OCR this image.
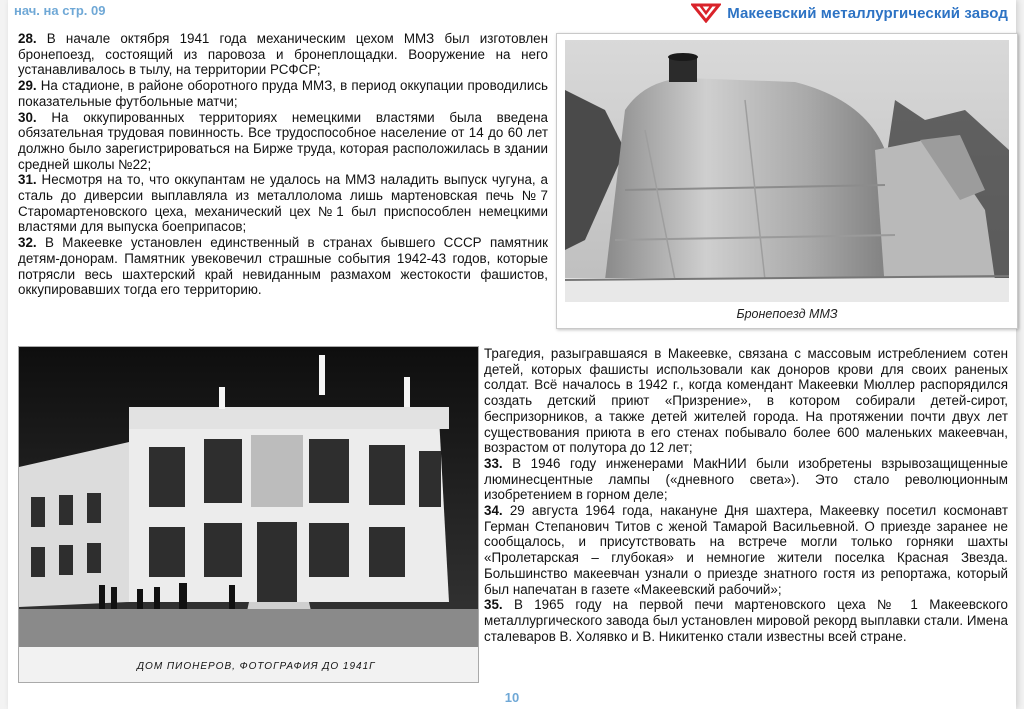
нач. на стр. 09	Макеевский металлургический завод

28. В начале октября 1941 года механическим цехом ММЗ был изготовлен бронепоезд, состоящий из паровоза и бронеплощадки. Вооружение на него устанавливалось в тылу, на территории РСФСР;

29. На стадионе, в районе оборотного пруда ММЗ, в период оккупации проводились показательные футбольные матчи;

30. На оккупированных территориях немецкими властями была введена обязательная трудовая повинность. Все трудоспособное население от 14 до 60 лет должно было зарегистрироваться на Бирже труда, которая расположилась в здании средней школы №22;

31. Несмотря на то, что оккупантам не удалось на ММЗ наладить выпуск чугуна, а сталь до диверсии выплавляла из металлолома лишь мартеновская печь №7 Старомартеновского цеха, механический цех №1 был приспособлен немецкими властями для выпуска боеприпасов;

32. В Макеевке установлен единственный в странах бывшего СССР памятник детям-донорам. Памятник увековечил страшные события 1942-43 годов, которые потрясли весь шахтерский край невиданным размахом жестокости фашистов, оккупировавших тогда его территорию.

Бронепоезд ММЗ
ДОМ ПИОНЕРОВ, ФОТОГРАФИЯ ДО 1941Г

Трагедия, разыгравшаяся в Макеевке, связана с массовым истреблением сотен детей, которых фашисты использовали как доноров крови для своих раненых солдат. Всё началось в 1942 г., когда комендант Макеевки Мюллер распорядился создать детский приют «Призрение», в котором собирали детей-сирот, беспризорников, а также детей жителей города. На протяжении почти двух лет существования приюта в его стенах побывало более 600 маленьких макеевчан, возрастом от полутора до 12 лет;

33. В 1946 году инженерами МакНИИ были изобретены взрывозащищенные люминесцентные лампы («дневного света»). Это стало революционным изобретением в горном деле;

34. 29 августа 1964 года, накануне Дня шахтера, Макеевку посетил космонавт Герман Степанович Титов с женой Тамарой Васильевной. О приезде заранее не сообщалось, и присутствовать на встрече могли только горняки шахты «Пролетарская – глубокая» и немногие жители поселка Красная Звезда. Большинство макеевчан узнали о приезде знатного гостя из репортажа, который был напечатан в газете «Макеевский рабочий»;

35. В 1965 году на первой печи мартеновского цеха № 1 Макеевского металлургического завода был установлен мировой рекорд выплавки стали. Имена сталеваров В. Холявко и В. Никитенко стали известны всей стране.

10
